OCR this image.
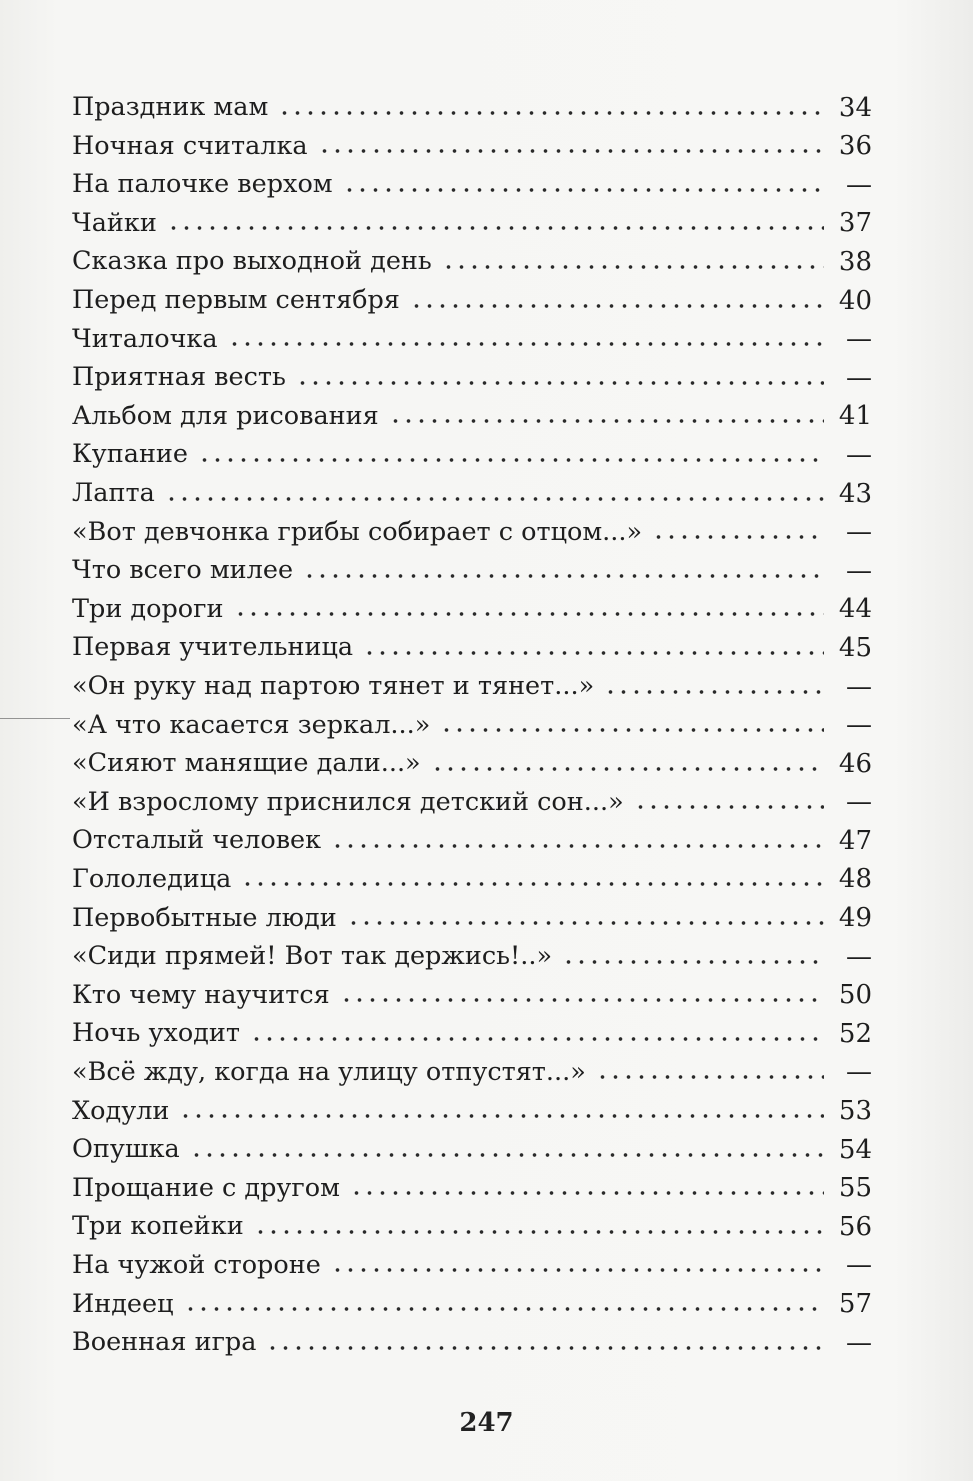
Праздник мам	34
Ночная считалка	36
На палочке верхом	—
Чайки	37
Сказка про выходной день	38
Перед первым сентября	40
Читалочка	—
Приятная весть	—
Альбом для рисования	41
Купание	—
Лапта	43
«Вот девчонка грибы собирает с отцом...»	—
Что всего милее	—
Три дороги	44
Первая учительница	45
«Он руку над партою тянет и тянет...»	—
«А что касается зеркал...»	—
«Сияют манящие дали...»	46
«И взрослому приснился детский сон...»	—
Отсталый человек	47
Гололедица	48
Первобытные люди	49
«Сиди прямей! Вот так держись!..»	—
Кто чему научится	50
Ночь уходит	52
«Всё жду, когда на улицу отпустят...»	—
Ходули	53
Опушка	54
Прощание с другом	55
Три копейки	56
На чужой стороне	—
Индеец	57
Военная игра	—
247
